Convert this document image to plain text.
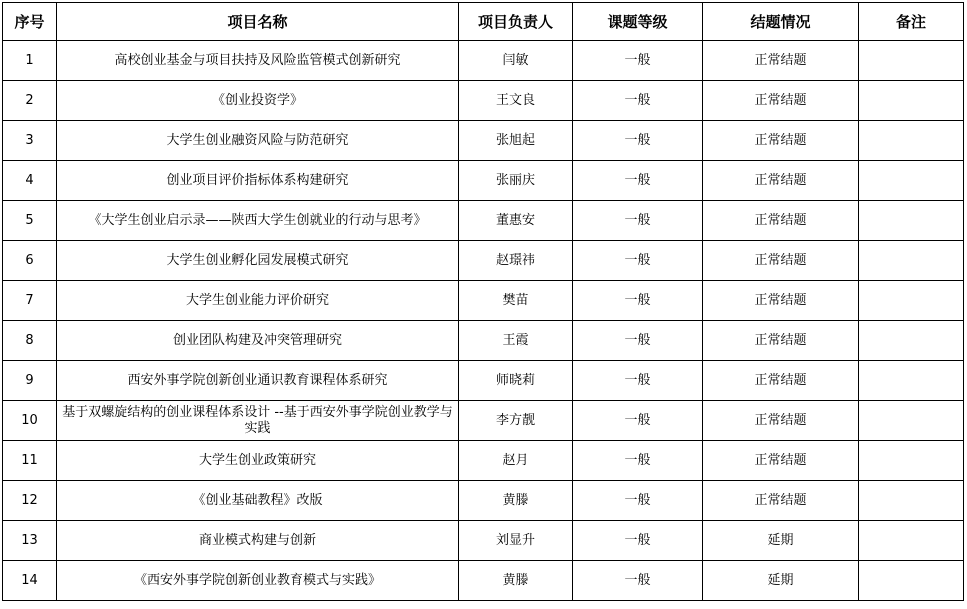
序号	项目名称	项目负责人	课题等级	结题情况	备注
1	高校创业基金与项目扶持及风险监管模式创新研究	闫敏	一般	正常结题	
2	《创业投资学》	王文良	一般	正常结题	
3	大学生创业融资风险与防范研究	张旭起	一般	正常结题	
4	创业项目评价指标体系构建研究	张丽庆	一般	正常结题	
5	《大学生创业启示录——陕西大学生创就业的行动与思考》	董惠安	一般	正常结题	
6	大学生创业孵化园发展模式研究	赵璟祎	一般	正常结题	
7	大学生创业能力评价研究	樊苗	一般	正常结题	
8	创业团队构建及冲突管理研究	王霞	一般	正常结题	
9	西安外事学院创新创业通识教育课程体系研究	师晓莉	一般	正常结题	
10	基于双螺旋结构的创业课程体系设计 --基于西安外事学院创业教学与实践	李方靓	一般	正常结题	
11	大学生创业政策研究	赵月	一般	正常结题	
12	《创业基础教程》改版	黄滕	一般	正常结题	
13	商业模式构建与创新	刘显升	一般	延期	
14	《西安外事学院创新创业教育模式与实践》	黄滕	一般	延期	
